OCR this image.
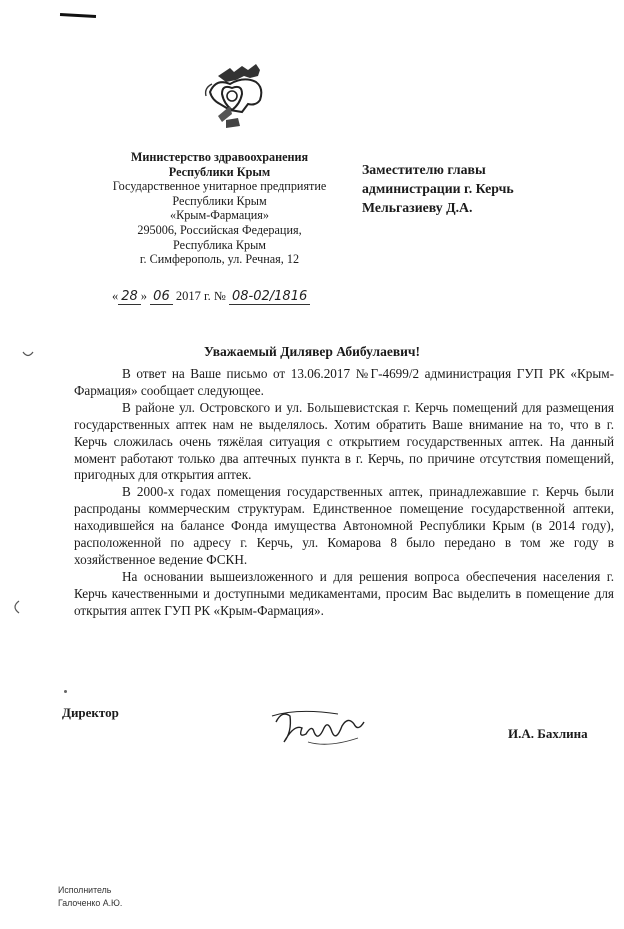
Министерство здравоохранения
Республики Крым
Государственное унитарное предприятие
Республики Крым
«Крым-Фармация»
295006, Российская Федерация,
Республика Крым
г. Симферополь, ул. Речная, 12
Заместителю главы
администрации г. Керчь
Мельгазиеву Д.А.
« 28 » 06 2017 г. № 08-02/1816
Уважаемый Дилявер Абибулаевич!

В ответ на Ваше письмо от 13.06.2017 №Г-4699/2 администрация ГУП РК «Крым-Фармация» сообщает следующее.

В районе ул. Островского и ул. Большевистская г. Керчь помещений для размещения государственных аптек нам не выделялось. Хотим обратить Ваше внимание на то, что в г. Керчь сложилась очень тяжёлая ситуация с открытием государственных аптек. На данный момент работают только два аптечных пункта в г. Керчь, по причине отсутствия помещений, пригодных для открытия аптек.

В 2000-х годах помещения государственных аптек, принадлежавшие г. Керчь были распроданы коммерческим структурам. Единственное помещение государственной аптеки, находившейся на балансе Фонда имущества Автономной Республики Крым (в 2014 году), расположенной по адресу г. Керчь, ул. Комарова 8 было передано в том же году в хозяйственное ведение ФСКН.

На основании вышеизложенного и для решения вопроса обеспечения населения г. Керчь качественными и доступными медикаментами, просим Вас выделить в помещение для открытия аптек ГУП РК «Крым-Фармация».

Директор
И.А. Бахлина
Исполнитель
Галоченко А.Ю.
